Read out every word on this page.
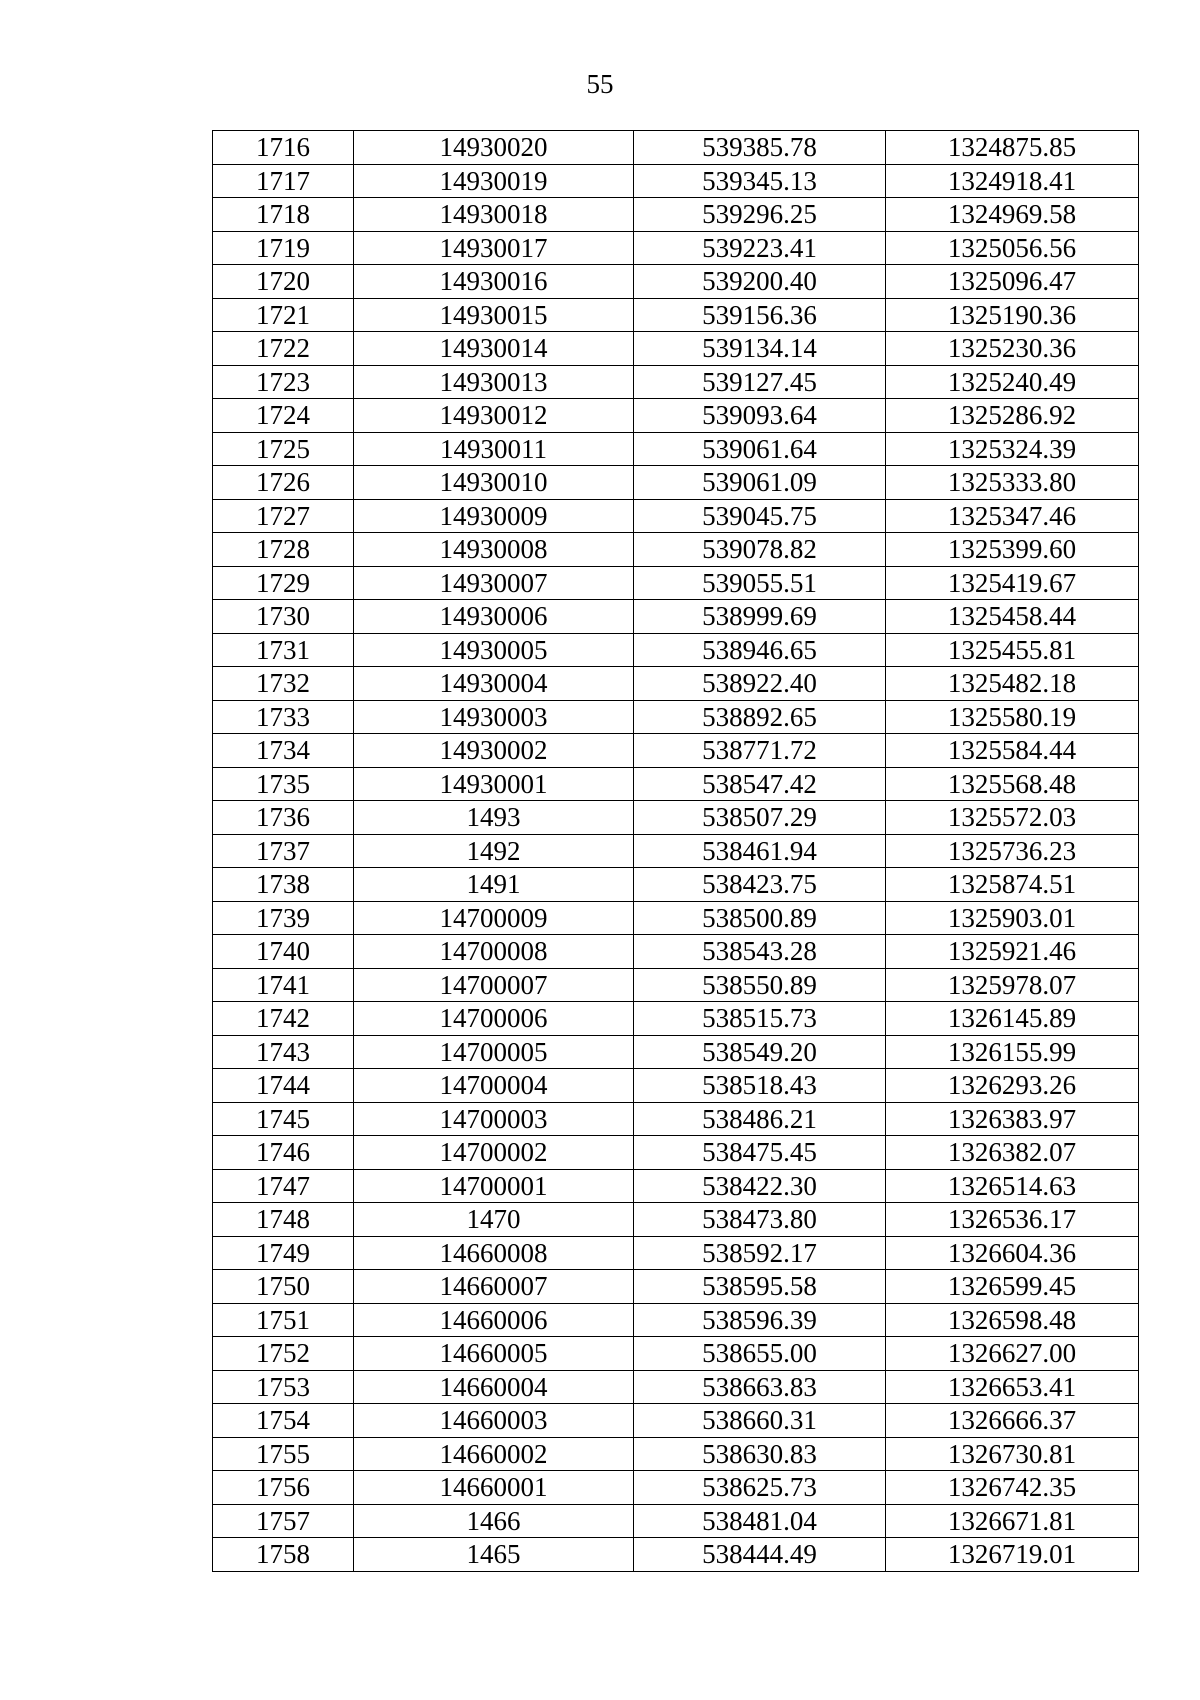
55
1716	14930020	539385.78	1324875.85
1717	14930019	539345.13	1324918.41
1718	14930018	539296.25	1324969.58
1719	14930017	539223.41	1325056.56
1720	14930016	539200.40	1325096.47
1721	14930015	539156.36	1325190.36
1722	14930014	539134.14	1325230.36
1723	14930013	539127.45	1325240.49
1724	14930012	539093.64	1325286.92
1725	14930011	539061.64	1325324.39
1726	14930010	539061.09	1325333.80
1727	14930009	539045.75	1325347.46
1728	14930008	539078.82	1325399.60
1729	14930007	539055.51	1325419.67
1730	14930006	538999.69	1325458.44
1731	14930005	538946.65	1325455.81
1732	14930004	538922.40	1325482.18
1733	14930003	538892.65	1325580.19
1734	14930002	538771.72	1325584.44
1735	14930001	538547.42	1325568.48
1736	1493	538507.29	1325572.03
1737	1492	538461.94	1325736.23
1738	1491	538423.75	1325874.51
1739	14700009	538500.89	1325903.01
1740	14700008	538543.28	1325921.46
1741	14700007	538550.89	1325978.07
1742	14700006	538515.73	1326145.89
1743	14700005	538549.20	1326155.99
1744	14700004	538518.43	1326293.26
1745	14700003	538486.21	1326383.97
1746	14700002	538475.45	1326382.07
1747	14700001	538422.30	1326514.63
1748	1470	538473.80	1326536.17
1749	14660008	538592.17	1326604.36
1750	14660007	538595.58	1326599.45
1751	14660006	538596.39	1326598.48
1752	14660005	538655.00	1326627.00
1753	14660004	538663.83	1326653.41
1754	14660003	538660.31	1326666.37
1755	14660002	538630.83	1326730.81
1756	14660001	538625.73	1326742.35
1757	1466	538481.04	1326671.81
1758	1465	538444.49	1326719.01
